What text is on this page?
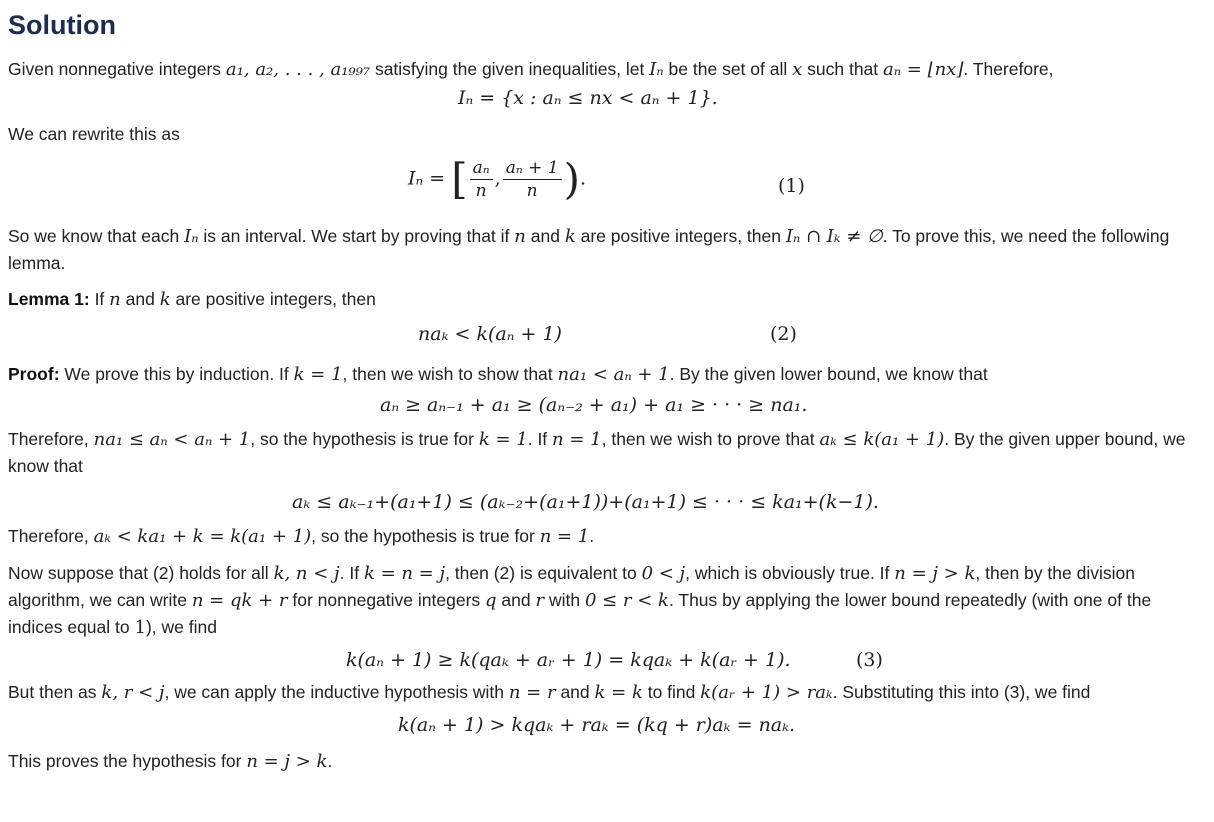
Solution

Given nonnegative integers a₁, a₂, . . . , a₁₉₉₇ satisfying the given inequalities, let Iₙ be the set of all x such that aₙ = ⌊nx⌋. Therefore,

Iₙ = {x : aₙ ≤ nx < aₙ + 1}.

We can rewrite this as

Iₙ = [ $\frac{\text{aₙ}}{n}$ , $\frac{\text{aₙ + 1}}{n}$ ).	(1)

So we know that each Iₙ is an interval. We start by proving that if n and k are positive integers, then Iₙ ∩ Iₖ ≠ ∅. To prove this, we need the following lemma.

Lemma 1: If n and k are positive integers, then

naₖ < k(aₙ + 1)	(2)

Proof: We prove this by induction. If k = 1, then we wish to show that na₁ < aₙ + 1. By the given lower bound, we know that

aₙ ≥ aₙ₋₁ + a₁ ≥ (aₙ₋₂ + a₁) + a₁ ≥ · · · ≥ na₁.

Therefore, na₁ ≤ aₙ < aₙ + 1, so the hypothesis is true for k = 1. If n = 1, then we wish to prove that aₖ ≤ k(a₁ + 1). By the given upper bound, we know that

aₖ ≤ aₖ₋₁+(a₁+1) ≤ (aₖ₋₂+(a₁+1))+(a₁+1) ≤ · · · ≤ ka₁+(k−1).

Therefore, aₖ < ka₁ + k = k(a₁ + 1), so the hypothesis is true for n = 1.

Now suppose that (2) holds for all k, n < j. If k = n = j, then (2) is equivalent to 0 < j, which is obviously true. If n = j > k, then by the division algorithm, we can write n = qk + r for nonnegative integers q and r with 0 ≤ r < k. Thus by applying the lower bound repeatedly (with one of the indices equal to 1), we find

k(aₙ + 1) ≥ k(qaₖ + aᵣ + 1) = kqaₖ + k(aᵣ + 1).	(3)

But then as k, r < j, we can apply the inductive hypothesis with n = r and k = k to find k(aᵣ + 1) > raₖ. Substituting this into (3), we find

k(aₙ + 1) > kqaₖ + raₖ = (kq + r)aₖ = naₖ.

This proves the hypothesis for n = j > k.
